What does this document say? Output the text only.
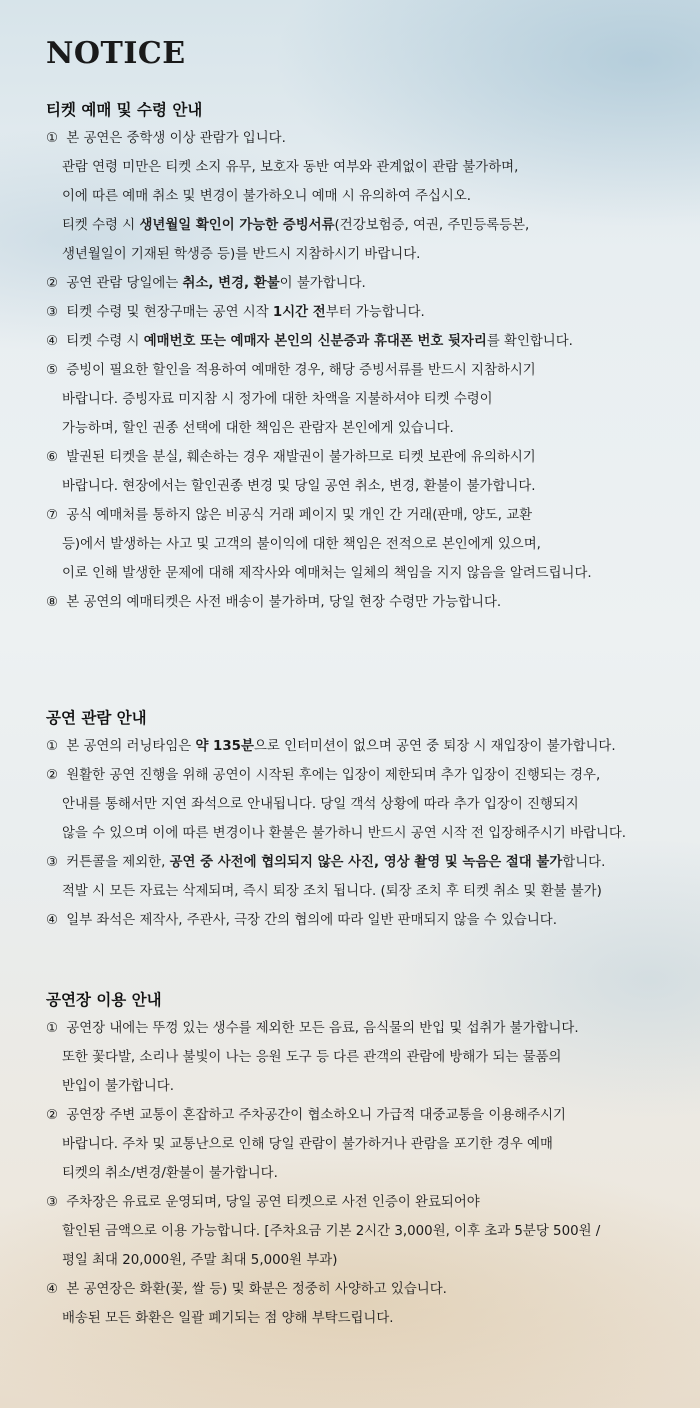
NOTICE
티켓 예매 및 수령 안내
① 본 공연은 중학생 이상 관람가 입니다.
관람 연령 미만은 티켓 소지 유무, 보호자 동반 여부와 관계없이 관람 불가하며,
이에 따른 예매 취소 및 변경이 불가하오니 예매 시 유의하여 주십시오.
티켓 수령 시 생년월일 확인이 가능한 증빙서류(건강보험증, 여권, 주민등록등본,
생년월일이 기재된 학생증 등)를 반드시 지참하시기 바랍니다.
② 공연 관람 당일에는 취소, 변경, 환불이 불가합니다.
③ 티켓 수령 및 현장구매는 공연 시작 1시간 전부터 가능합니다.
④ 티켓 수령 시 예매번호 또는 예매자 본인의 신분증과 휴대폰 번호 뒷자리를 확인합니다.
⑤ 증빙이 필요한 할인을 적용하여 예매한 경우, 해당 증빙서류를 반드시 지참하시기
바랍니다. 증빙자료 미지참 시 정가에 대한 차액을 지불하셔야 티켓 수령이
가능하며, 할인 권종 선택에 대한 책임은 관람자 본인에게 있습니다.
⑥ 발권된 티켓을 분실, 훼손하는 경우 재발권이 불가하므로 티켓 보관에 유의하시기
바랍니다. 현장에서는 할인권종 변경 및 당일 공연 취소, 변경, 환불이 불가합니다.
⑦ 공식 예매처를 통하지 않은 비공식 거래 페이지 및 개인 간 거래(판매, 양도, 교환
등)에서 발생하는 사고 및 고객의 불이익에 대한 책임은 전적으로 본인에게 있으며,
이로 인해 발생한 문제에 대해 제작사와 예매처는 일체의 책임을 지지 않음을 알려드립니다.
⑧ 본 공연의 예매티켓은 사전 배송이 불가하며, 당일 현장 수령만 가능합니다.
공연 관람 안내
① 본 공연의 러닝타임은 약 135분으로 인터미션이 없으며 공연 중 퇴장 시 재입장이 불가합니다.
② 원활한 공연 진행을 위해 공연이 시작된 후에는 입장이 제한되며 추가 입장이 진행되는 경우,
안내를 통해서만 지연 좌석으로 안내됩니다. 당일 객석 상황에 따라 추가 입장이 진행되지
않을 수 있으며 이에 따른 변경이나 환불은 불가하니 반드시 공연 시작 전 입장해주시기 바랍니다.
③ 커튼콜을 제외한, 공연 중 사전에 협의되지 않은 사진, 영상 촬영 및 녹음은 절대 불가합니다.
적발 시 모든 자료는 삭제되며, 즉시 퇴장 조치 됩니다. (퇴장 조치 후 티켓 취소 및 환불 불가)
④ 일부 좌석은 제작사, 주관사, 극장 간의 협의에 따라 일반 판매되지 않을 수 있습니다.
공연장 이용 안내
① 공연장 내에는 뚜껑 있는 생수를 제외한 모든 음료, 음식물의 반입 및 섭취가 불가합니다.
또한 꽃다발, 소리나 불빛이 나는 응원 도구 등 다른 관객의 관람에 방해가 되는 물품의
반입이 불가합니다.
② 공연장 주변 교통이 혼잡하고 주차공간이 협소하오니 가급적 대중교통을 이용해주시기
바랍니다. 주차 및 교통난으로 인해 당일 관람이 불가하거나 관람을 포기한 경우 예매
티켓의 취소/변경/환불이 불가합니다.
③ 주차장은 유료로 운영되며, 당일 공연 티켓으로 사전 인증이 완료되어야
할인된 금액으로 이용 가능합니다. [주차요금 기본 2시간 3,000원, 이후 초과 5분당 500원 /
평일 최대 20,000원, 주말 최대 5,000원 부과)
④ 본 공연장은 화환(꽃, 쌀 등) 및 화분은 정중히 사양하고 있습니다.
배송된 모든 화환은 일괄 폐기되는 점 양해 부탁드립니다.
